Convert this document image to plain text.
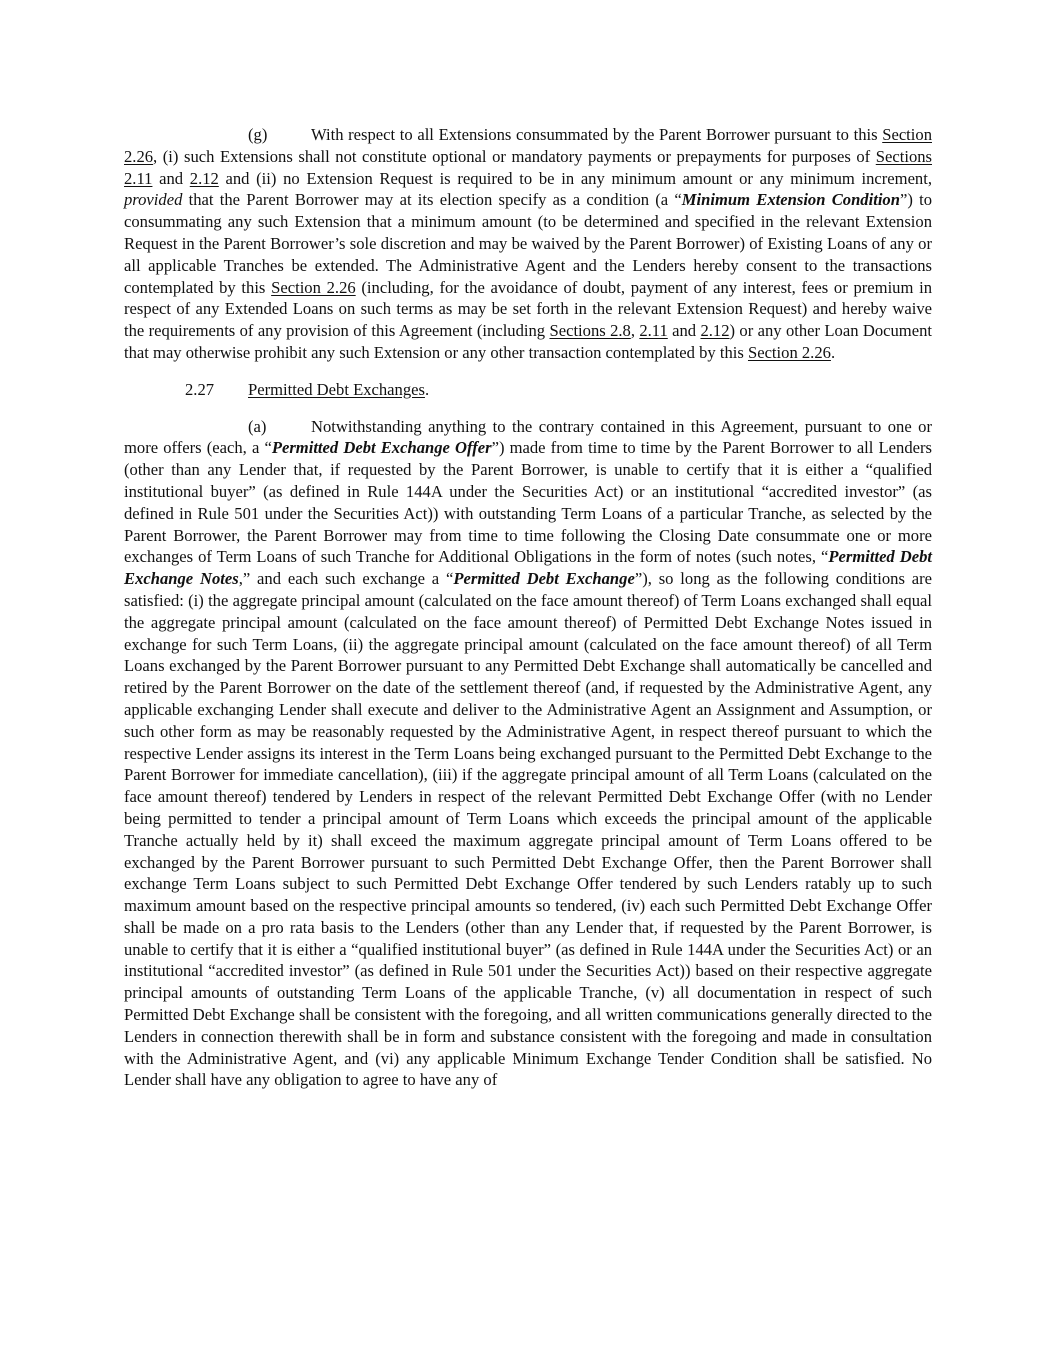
(g)	With respect to all Extensions consummated by the Parent Borrower pursuant to this Section 2.26, (i) such Extensions shall not constitute optional or mandatory payments or prepayments for purposes of Sections 2.11 and 2.12 and (ii) no Extension Request is required to be in any minimum amount or any minimum increment, provided that the Parent Borrower may at its election specify as a condition (a “Minimum Extension Condition”) to consummating any such Extension that a minimum amount (to be determined and specified in the relevant Extension Request in the Parent Borrower’s sole discretion and may be waived by the Parent Borrower) of Existing Loans of any or all applicable Tranches be extended. The Administrative Agent and the Lenders hereby consent to the transactions contemplated by this Section 2.26 (including, for the avoidance of doubt, payment of any interest, fees or premium in respect of any Extended Loans on such terms as may be set forth in the relevant Extension Request) and hereby waive the requirements of any provision of this Agreement (including Sections 2.8, 2.11 and 2.12) or any other Loan Document that may otherwise prohibit any such Extension or any other transaction contemplated by this Section 2.26.

2.27 Permitted Debt Exchanges.

(a)	Notwithstanding anything to the contrary contained in this Agreement, pursuant to one or more offers (each, a “Permitted Debt Exchange Offer”) made from time to time by the Parent Borrower to all Lenders (other than any Lender that, if requested by the Parent Borrower, is unable to certify that it is either a “qualified institutional buyer” (as defined in Rule 144A under the Securities Act) or an institutional “accredited investor” (as defined in Rule 501 under the Securities Act)) with outstanding Term Loans of a particular Tranche, as selected by the Parent Borrower, the Parent Borrower may from time to time following the Closing Date consummate one or more exchanges of Term Loans of such Tranche for Additional Obligations in the form of notes (such notes, “Permitted Debt Exchange Notes,” and each such exchange a “Permitted Debt Exchange”), so long as the following conditions are satisfied: (i) the aggregate principal amount (calculated on the face amount thereof) of Term Loans exchanged shall equal the aggregate principal amount (calculated on the face amount thereof) of Permitted Debt Exchange Notes issued in exchange for such Term Loans, (ii) the aggregate principal amount (calculated on the face amount thereof) of all Term Loans exchanged by the Parent Borrower pursuant to any Permitted Debt Exchange shall automatically be cancelled and retired by the Parent Borrower on the date of the settlement thereof (and, if requested by the Administrative Agent, any applicable exchanging Lender shall execute and deliver to the Administrative Agent an Assignment and Assumption, or such other form as may be reasonably requested by the Administrative Agent, in respect thereof pursuant to which the respective Lender assigns its interest in the Term Loans being exchanged pursuant to the Permitted Debt Exchange to the Parent Borrower for immediate cancellation), (iii) if the aggregate principal amount of all Term Loans (calculated on the face amount thereof) tendered by Lenders in respect of the relevant Permitted Debt Exchange Offer (with no Lender being permitted to tender a principal amount of Term Loans which exceeds the principal amount of the applicable Tranche actually held by it) shall exceed the maximum aggregate principal amount of Term Loans offered to be exchanged by the Parent Borrower pursuant to such Permitted Debt Exchange Offer, then the Parent Borrower shall exchange Term Loans subject to such Permitted Debt Exchange Offer tendered by such Lenders ratably up to such maximum amount based on the respective principal amounts so tendered, (iv) each such Permitted Debt Exchange Offer shall be made on a pro rata basis to the Lenders (other than any Lender that, if requested by the Parent Borrower, is unable to certify that it is either a “qualified institutional buyer” (as defined in Rule 144A under the Securities Act) or an institutional “accredited investor” (as defined in Rule 501 under the Securities Act)) based on their respective aggregate principal amounts of outstanding Term Loans of the applicable Tranche, (v) all documentation in respect of such Permitted Debt Exchange shall be consistent with the foregoing, and all written communications generally directed to the Lenders in connection therewith shall be in form and substance consistent with the foregoing and made in consultation with the Administrative Agent, and (vi) any applicable Minimum Exchange Tender Condition shall be satisfied. No Lender shall have any obligation to agree to have any of
